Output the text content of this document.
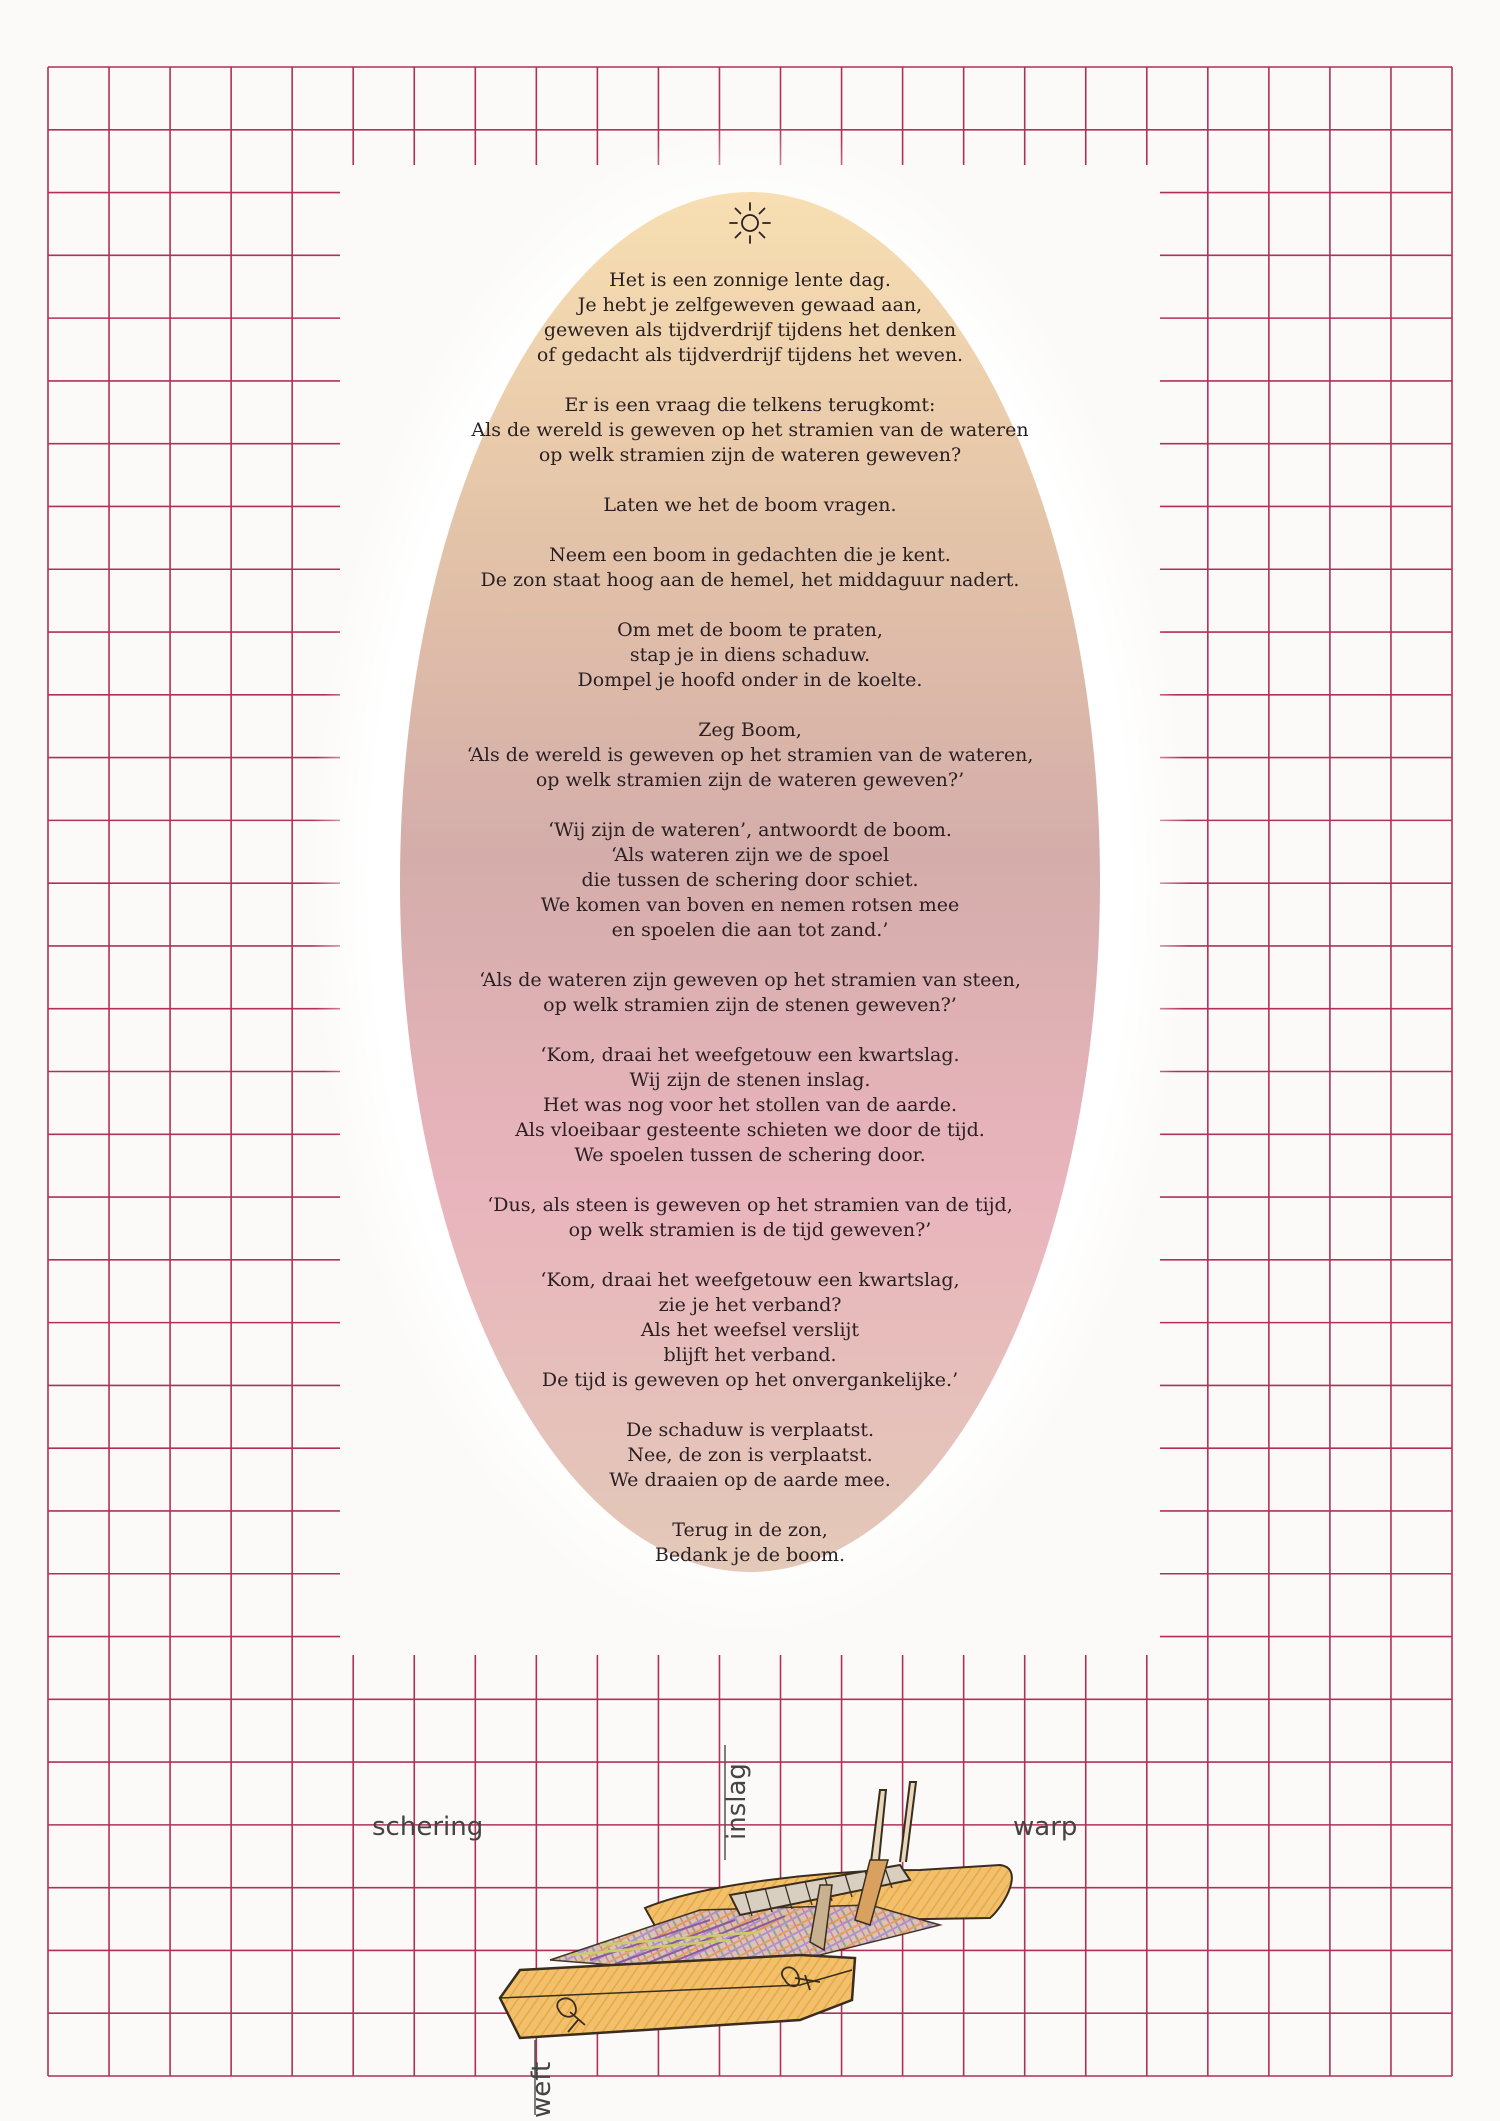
Het is een zonnige lente dag.
Je hebt je zelfgeweven gewaad aan,
geweven als tijdverdrijf tijdens het denken
of gedacht als tijdverdrijf tijdens het weven.
Er is een vraag die telkens terugkomt:
Als de wereld is geweven op het stramien van de wateren
op welk stramien zijn de wateren geweven?
Laten we het de boom vragen.
Neem een boom in gedachten die je kent.
De zon staat hoog aan de hemel, het middaguur nadert.
Om met de boom te praten,
stap je in diens schaduw.
Dompel je hoofd onder in de koelte.
Zeg Boom,
‘Als de wereld is geweven op het stramien van de wateren,
op welk stramien zijn de wateren geweven?’
‘Wij zijn de wateren’, antwoordt de boom.
‘Als wateren zijn we de spoel
die tussen de schering door schiet.
We komen van boven en nemen rotsen mee
en spoelen die aan tot zand.’
‘Als de wateren zijn geweven op het stramien van steen,
op welk stramien zijn de stenen geweven?’
‘Kom, draai het weefgetouw een kwartslag.
Wij zijn de stenen inslag.
Het was nog voor het stollen van de aarde.
Als vloeibaar gesteente schieten we door de tijd.
We spoelen tussen de schering door.
‘Dus, als steen is geweven op het stramien van de tijd,
op welk stramien is de tijd geweven?’
‘Kom, draai het weefgetouw een kwartslag,
zie je het verband?
Als het weefsel verslijt
blijft het verband.
De tijd is geweven op het onvergankelijke.’
De schaduw is verplaatst.
Nee, de zon is verplaatst.
We draaien op de aarde mee.
Terug in de zon,
Bedank je de boom.
schering	inslag	warp
weft
